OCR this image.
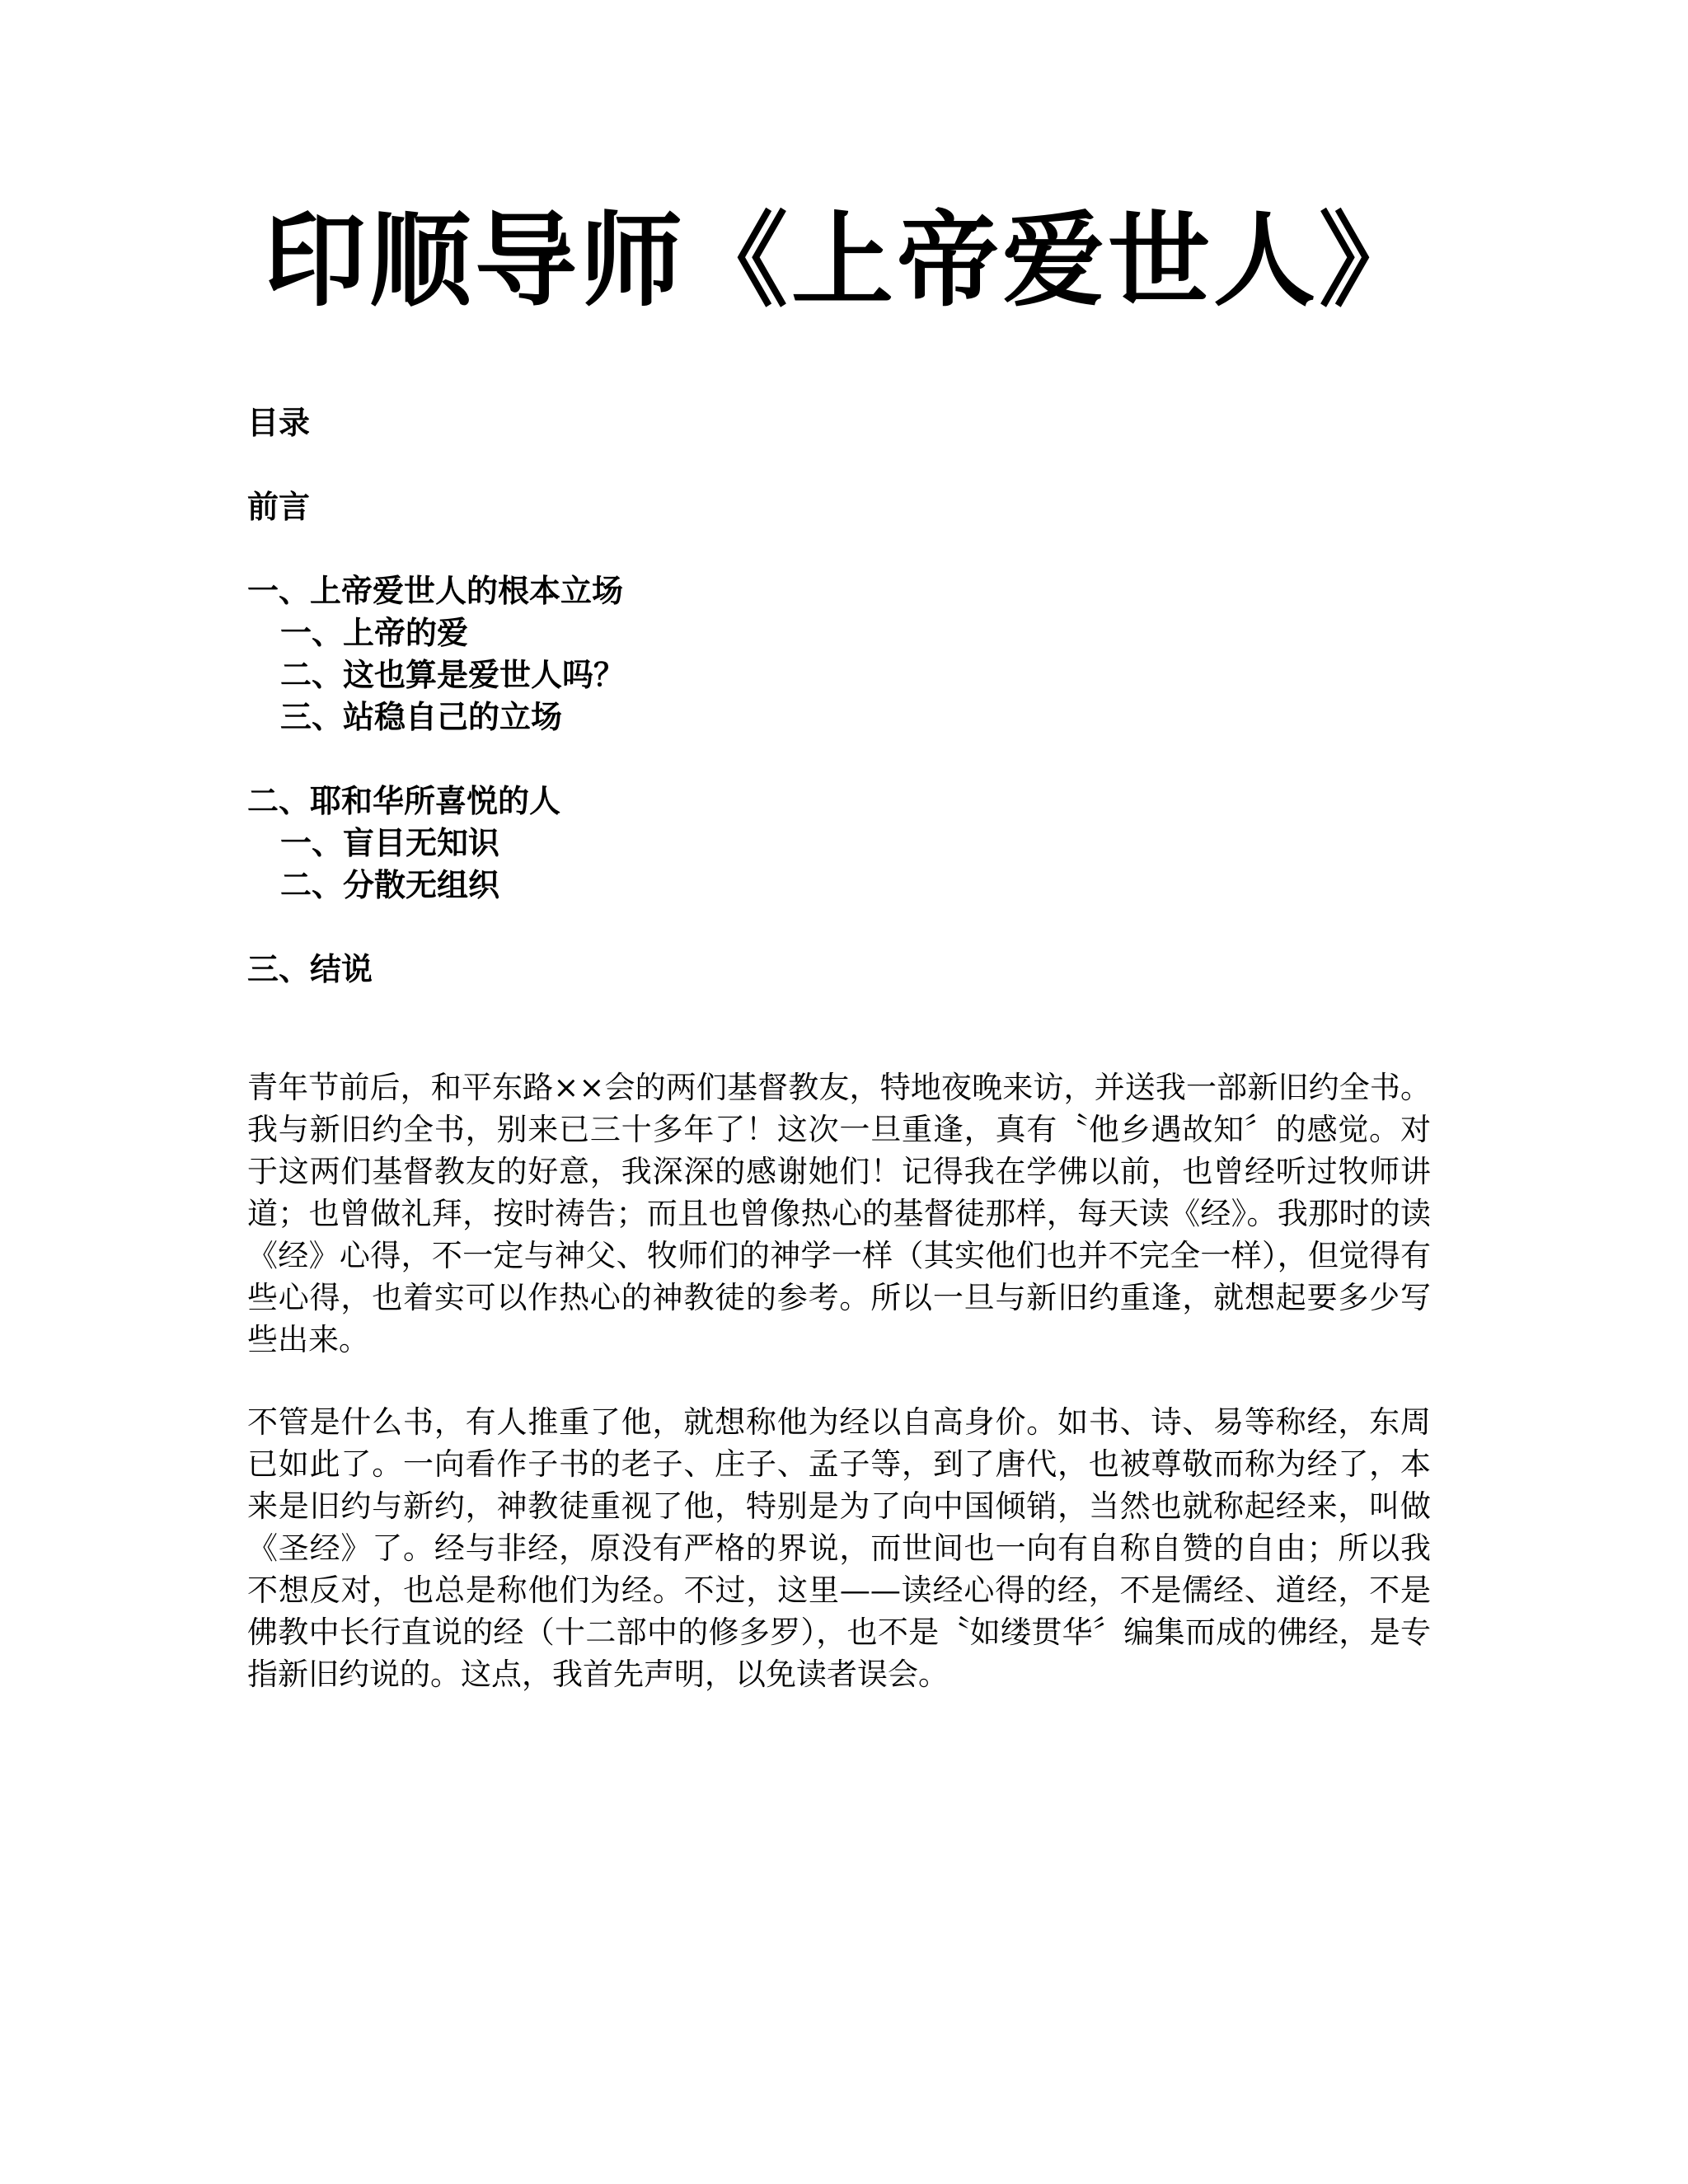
印顺导师《上帝爱世人》
目录
前言
一、上帝爱世人的根本立场
一、上帝的爱
二、这也算是爱世人吗？
三、站稳自己的立场
二、耶和华所喜悦的人
一、盲目无知识
二、分散无组织
三、结说
青年节前后，和平东路××会的两们基督教友，特地夜晚来访，并送我一部新旧约全书。我与新旧约全书，别来已三十多年了！这次一旦重逢，真有〝他乡遇故知〞的感觉。对于这两们基督教友的好意，我深深的感谢她们！记得我在学佛以前，也曾经听过牧师讲道；也曾做礼拜，按时祷告；而且也曾像热心的基督徒那样，每天读《经》。我那时的读《经》心得，不一定与神父、牧师们的神学一样（其实他们也并不完全一样），但觉得有些心得，也着实可以作热心的神教徒的参考。所以一旦与新旧约重逢，就想起要多少写些出来。
不管是什么书，有人推重了他，就想称他为经以自高身价。如书、诗、易等称经，东周已如此了。一向看作子书的老子、庄子、孟子等，到了唐代，也被尊敬而称为经了，本来是旧约与新约，神教徒重视了他，特别是为了向中国倾销，当然也就称起经来，叫做《圣经》了。经与非经，原没有严格的界说，而世间也一向有自称自赞的自由；所以我不想反对，也总是称他们为经。不过，这里——读经心得的经，不是儒经、道经，不是佛教中长行直说的经（十二部中的修多罗），也不是〝如缕贯华〞编集而成的佛经，是专指新旧约说的。这点，我首先声明，以免读者误会。
